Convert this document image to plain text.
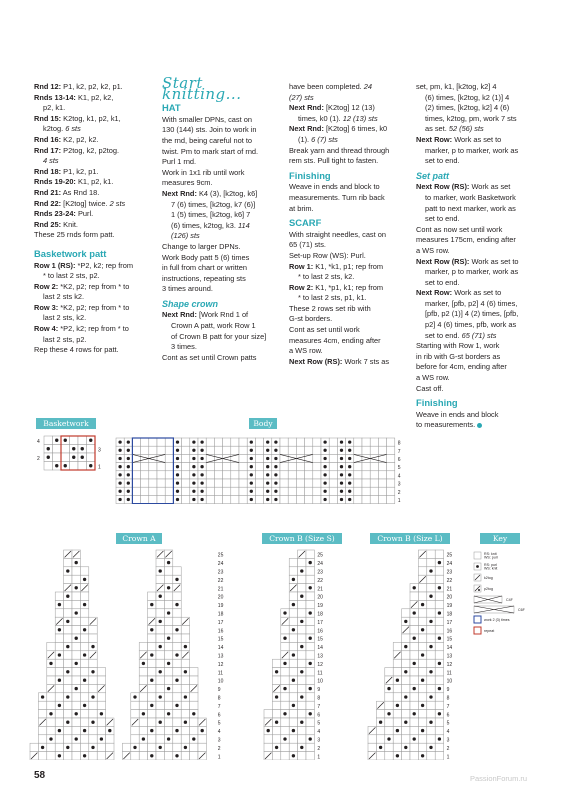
Rnd 12: P1, k2, p2, k2, p1.

Rnds 13-14: K1, p2, k2,

p2, k1.

Rnd 15: K2tog, k1, p2, k1,

k2tog. 6 sts

Rnd 16: K2, p2, k2.

Rnd 17: P2tog, k2, p2tog.

4 sts

Rnd 18: P1, k2, p1.

Rnds 19-20: K1, p2, k1.

Rnd 21: As Rnd 18.

Rnd 22: [K2tog] twice. 2 sts

Rnds 23-24: Purl.

Rnd 25: Knit.

These 25 rnds form patt.

Basketwork patt

Row 1 (RS): *P2, k2; rep from

* to last 2 sts, p2.

Row 2: *K2, p2; rep from * to

last 2 sts k2.

Row 3: *K2, p2; rep from * to

last 2 sts, k2.

Row 4: *P2, k2; rep from * to

last 2 sts, p2.

Rep these 4 rows for patt.

Start knitting...
HAT

With smaller DPNs, cast on

130 (144) sts. Join to work in

the rnd, being careful not to

twist. Pm to mark start of rnd.

Purl 1 rnd.

Work in 1x1 rib until work

measures 9cm.

Next Rnd: K4 (3), [k2tog, k6]

7 (6) times, [k2tog, k7 (6)]

1 (5) times, [k2tog, k6] 7

(6) times, k2tog, k3. 114

(126) sts

Change to larger DPNs.

Work Body patt 5 (6) times

in full from chart or written

instructions, repeating sts

3 times around.

Shape crown

Next Rnd: [Work Rnd 1 of

Crown A patt, work Row 1

of Crown B patt for your size]

3 times.

Cont as set until Crown patts

have been completed. 24

(27) sts

Next Rnd: [K2tog] 12 (13)

times, k0 (1). 12 (13) sts

Next Rnd: [K2tog] 6 times, k0

(1). 6 (7) sts

Break yarn and thread through

rem sts. Pull tight to fasten.

Finishing

Weave in ends and block to

measurements. Turn rib back

at brim.

SCARF

With straight needles, cast on

65 (71) sts.

Set-up Row (WS): Purl.

Row 1: K1, *k1, p1; rep from

* to last 2 sts, k2.

Row 2: K1, *p1, k1; rep from

* to last 2 sts, p1, k1.

These 2 rows set rib with

G-st borders.

Cont as set until work

measures 4cm, ending after

a WS row.

Next Row (RS): Work 7 sts as

set, pm, k1, [k2tog, k2] 4

(6) times, [k2tog, k2 (1)] 4

(2) times, [k2tog, k2] 4 (6)

times, k2tog, pm, work 7 sts

as set. 52 (56) sts

Next Row: Work as set to

marker, p to marker, work as

set to end.

Set patt

Next Row (RS): Work as set

to marker, work Basketwork

patt to next marker, work as

set to end.

Cont as now set until work

measures 175cm, ending after

a WS row.

Next Row (RS): Work as set to

marker, p to marker, work as

set to end.

Next Row: Work as set to

marker, [pfb, p2] 4 (6) times,

[pfb, p2 (1)] 4 (2) times, [pfb,

p2] 4 (6) times, pfb, work as

set to end. 65 (71) sts

Starting with Row 1, work

in rib with G-st borders as

before for 4cm, ending after

a WS row.

Cast off.

Finishing

Weave in ends and block

to measurements.

Basketwork	Body
Crown A	Crown B (Size S)	Crown B (Size L)	Key
4
2
3
1
8
7
6
5
4
3
2
1
25
24
23
22
21
20
19
18
17
16
15
14
13
12
11
10
9
8
7
6
5
4
3
2
1
25
24
23
22
21
20
19
18
17
16
15
14
13
12
11
10
9
8
7
6
5
4
3
2
1
25
24
23
22
21
20
19
18
17
16
15
14
13
12
11
10
9
8
7
6
5
4
3
2
1
RS: knit
WS: purl
RS: purl
WS: knit
k2tog
p2tog
C4F
C6F
work 2 (3) times
repeat
58	PassionForum.ru
